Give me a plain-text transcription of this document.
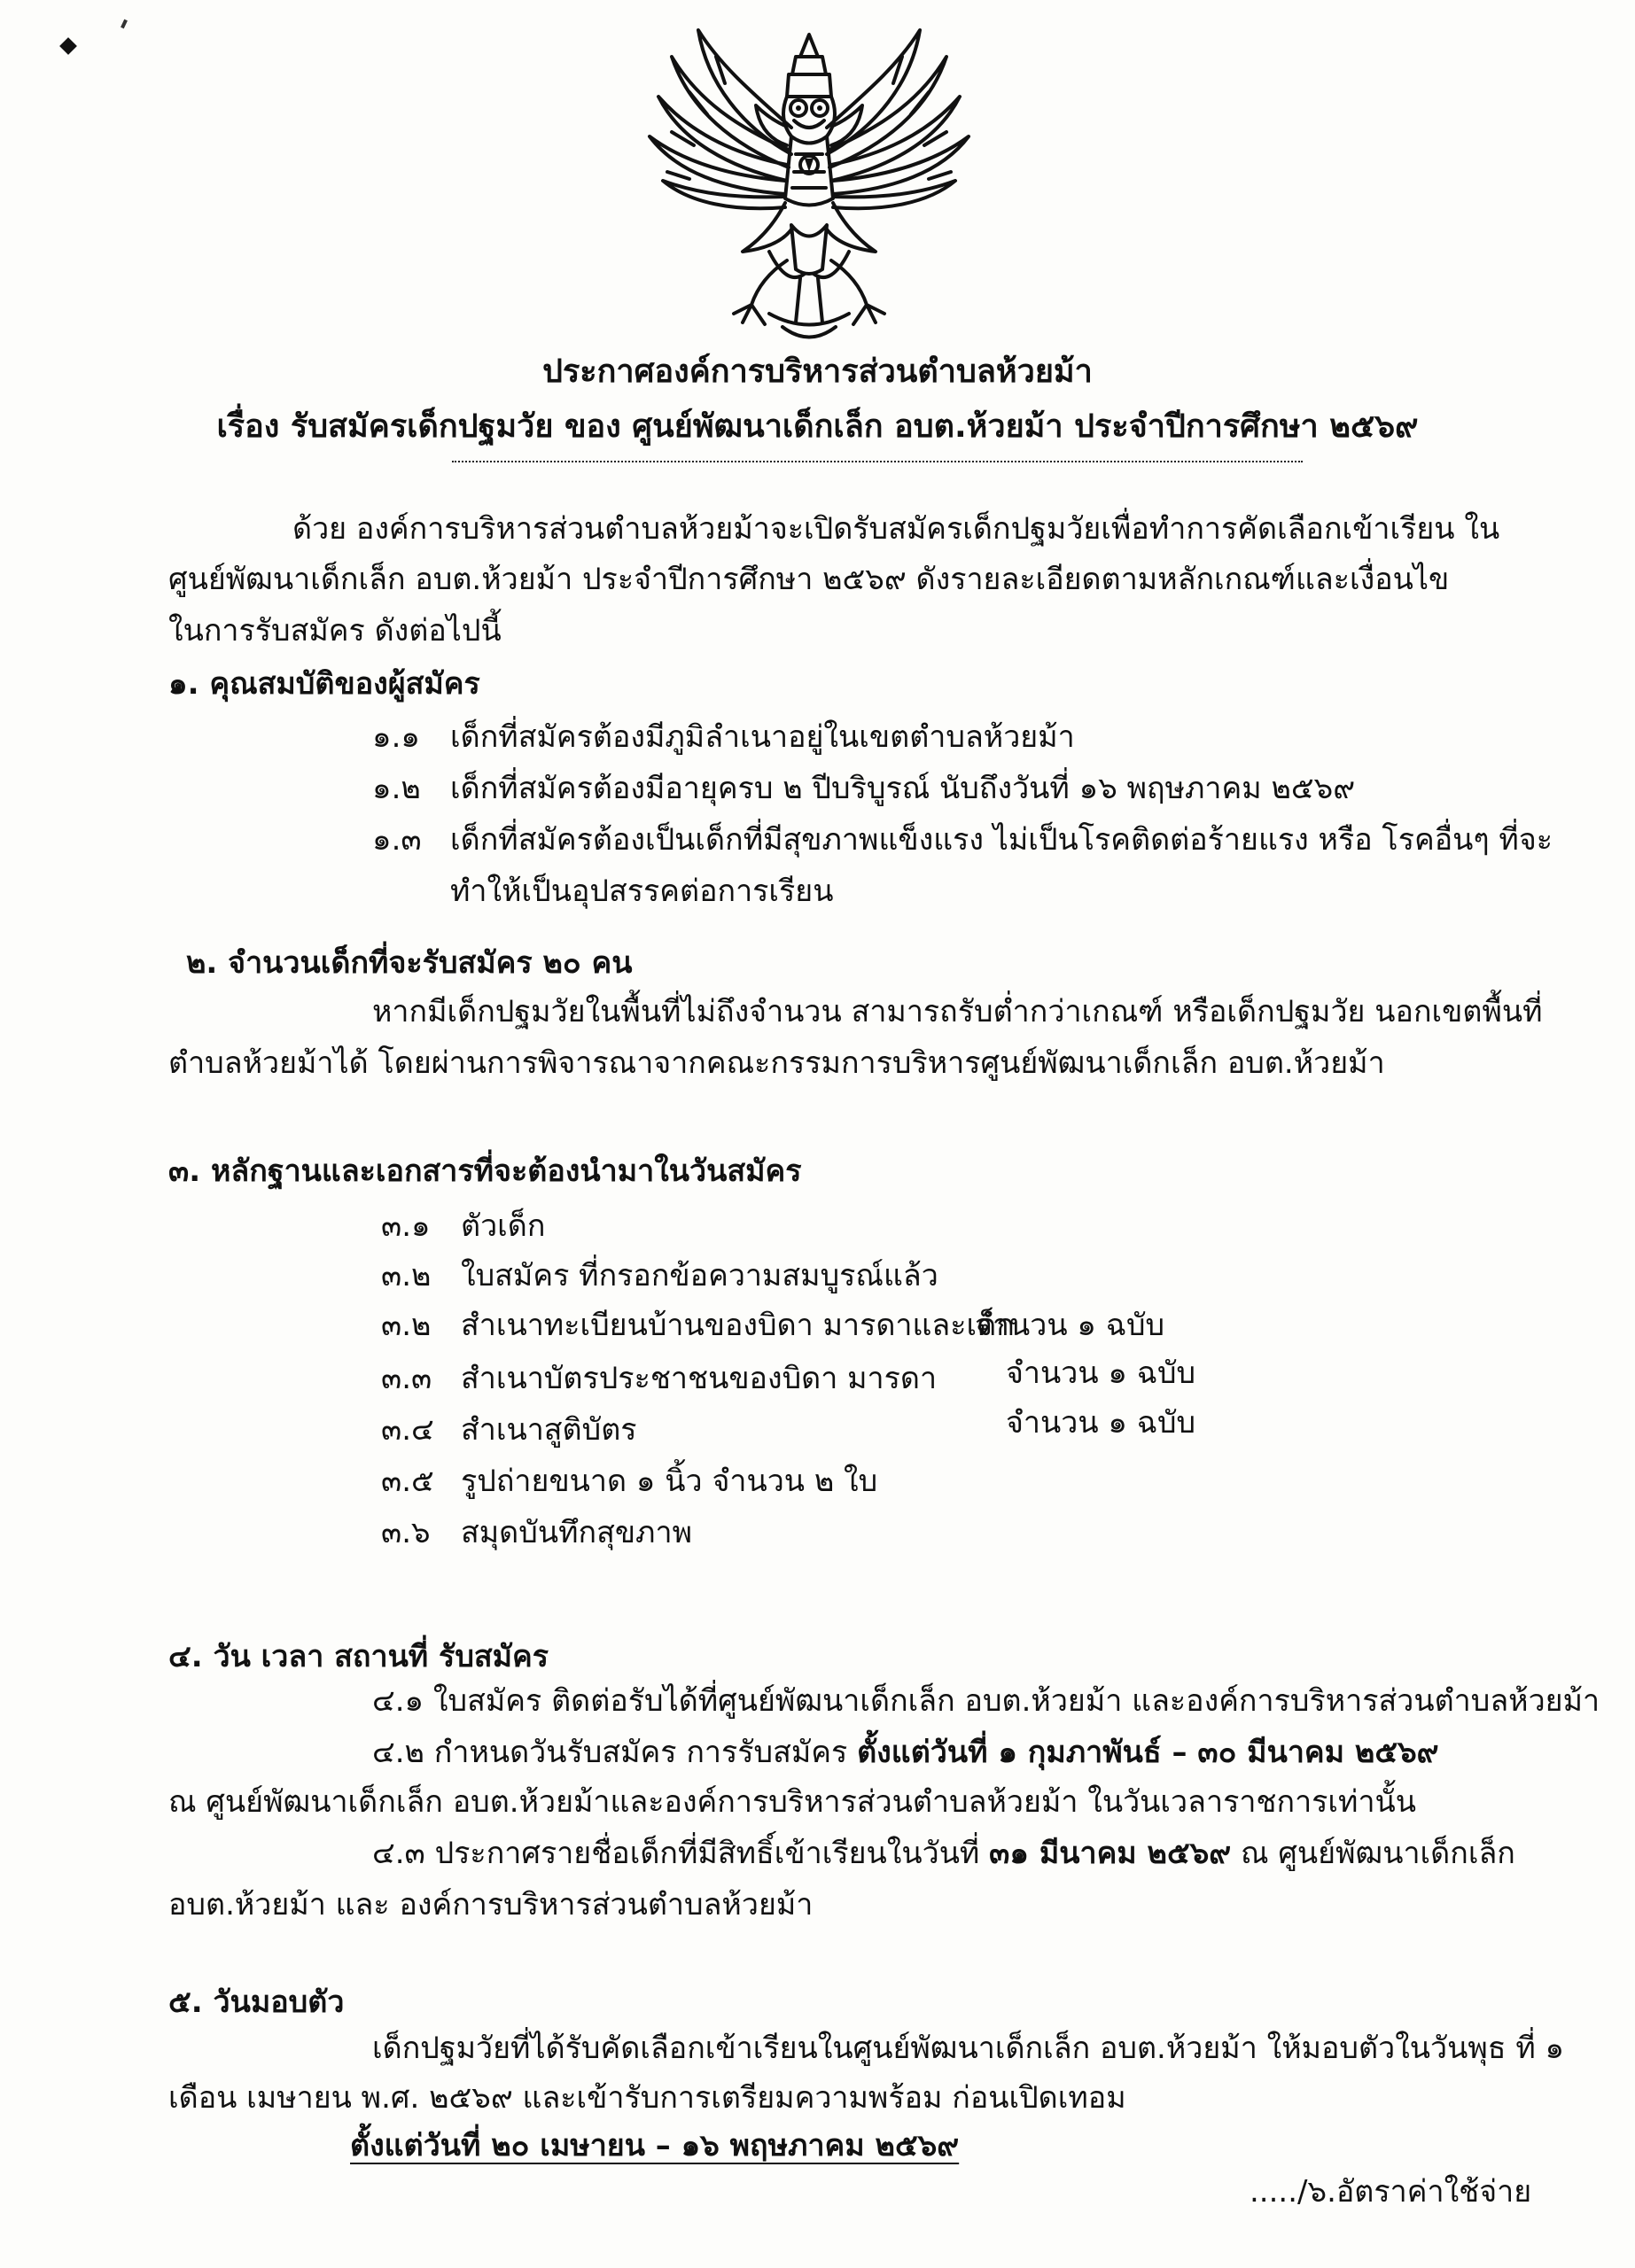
ประกาศองค์การบริหารส่วนตำบลห้วยม้า
เรื่อง รับสมัครเด็กปฐมวัย ของ ศูนย์พัฒนาเด็กเล็ก อบต.ห้วยม้า ประจำปีการศึกษา ๒๕๖๙
ด้วย องค์การบริหารส่วนตำบลห้วยม้าจะเปิดรับสมัครเด็กปฐมวัยเพื่อทำการคัดเลือกเข้าเรียน ใน
ศูนย์พัฒนาเด็กเล็ก อบต.ห้วยม้า ประจำปีการศึกษา ๒๕๖๙ ดังรายละเอียดตามหลักเกณฑ์และเงื่อนไข
ในการรับสมัคร ดังต่อไปนี้
๑. คุณสมบัติของผู้สมัคร
๑.๑ เด็กที่สมัครต้องมีภูมิลำเนาอยู่ในเขตตำบลห้วยม้า
๑.๒ เด็กที่สมัครต้องมีอายุครบ ๒ ปีบริบูรณ์ นับถึงวันที่ ๑๖ พฤษภาคม ๒๕๖๙
๑.๓ เด็กที่สมัครต้องเป็นเด็กที่มีสุขภาพแข็งแรง ไม่เป็นโรคติดต่อร้ายแรง หรือ โรคอื่นๆ ที่จะ
ทำให้เป็นอุปสรรคต่อการเรียน
๒. จำนวนเด็กที่จะรับสมัคร ๒๐ คน
หากมีเด็กปฐมวัยในพื้นที่ไม่ถึงจำนวน สามารถรับต่ำกว่าเกณฑ์ หรือเด็กปฐมวัย นอกเขตพื้นที่
ตำบลห้วยม้าได้ โดยผ่านการพิจารณาจากคณะกรรมการบริหารศูนย์พัฒนาเด็กเล็ก อบต.ห้วยม้า
๓. หลักฐานและเอกสารที่จะต้องนำมาในวันสมัคร
๓.๑ ตัวเด็ก
๓.๒ ใบสมัคร ที่กรอกข้อความสมบูรณ์แล้ว
๓.๒ สำเนาทะเบียนบ้านของบิดา มารดาและเด็ก
จำนวน ๑ ฉบับ
๓.๓ สำเนาบัตรประชาชนของบิดา มารดา จำนวน ๑ ฉบับ
๓.๔ สำเนาสูติบัตร	จำนวน ๑ ฉบับ
๓.๕ รูปถ่ายขนาด ๑ นิ้ว จำนวน ๒ ใบ
๓.๖ สมุดบันทึกสุขภาพ
๔. วัน เวลา สถานที่ รับสมัคร
๔.๑ ใบสมัคร ติดต่อรับได้ที่ศูนย์พัฒนาเด็กเล็ก อบต.ห้วยม้า และองค์การบริหารส่วนตำบลห้วยม้า
๔.๒ กำหนดวันรับสมัคร การรับสมัคร ตั้งแต่วันที่ ๑ กุมภาพันธ์ – ๓๐ มีนาคม ๒๕๖๙
ณ ศูนย์พัฒนาเด็กเล็ก อบต.ห้วยม้าและองค์การบริหารส่วนตำบลห้วยม้า ในวันเวลาราชการเท่านั้น
๔.๓ ประกาศรายชื่อเด็กที่มีสิทธิ์เข้าเรียนในวันที่ ๓๑ มีนาคม ๒๕๖๙ ณ ศูนย์พัฒนาเด็กเล็ก
อบต.ห้วยม้า และ องค์การบริหารส่วนตำบลห้วยม้า
๕. วันมอบตัว
เด็กปฐมวัยที่ได้รับคัดเลือกเข้าเรียนในศูนย์พัฒนาเด็กเล็ก อบต.ห้วยม้า ให้มอบตัวในวันพุธ ที่ ๑
เดือน เมษายน พ.ศ. ๒๕๖๙ และเข้ารับการเตรียมความพร้อม ก่อนเปิดเทอม
ตั้งแต่วันที่ ๒๐ เมษายน – ๑๖ พฤษภาคม ๒๕๖๙
...../๖.อัตราค่าใช้จ่าย
